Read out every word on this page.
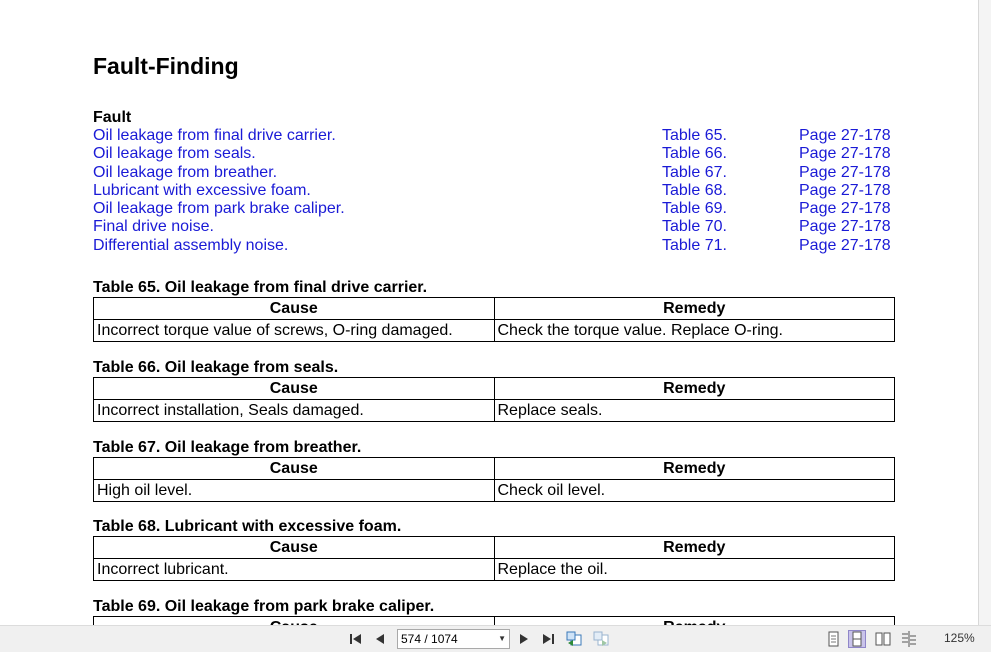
Fault-Finding
Fault
Oil leakage from final drive carrier.	Table 65.	Page 27-178
Oil leakage from seals.	Table 66.	Page 27-178
Oil leakage from breather.	Table 67.	Page 27-178
Lubricant with excessive foam.	Table 68.	Page 27-178
Oil leakage from park brake caliper.	Table 69.	Page 27-178
Final drive noise.	Table 70.	Page 27-178
Differential assembly noise.	Table 71.	Page 27-178
Table 65. Oil leakage from final drive carrier.
Cause	Remedy
Incorrect torque value of screws, O-ring damaged.	Check the torque value. Replace O-ring.
Table 66. Oil leakage from seals.
Cause	Remedy
Incorrect installation, Seals damaged.	Replace seals.
Table 67. Oil leakage from breather.
Cause	Remedy
High oil level.	Check oil level.
Table 68. Lubricant with excessive foam.
Cause	Remedy
Incorrect lubricant.	Replace the oil.
Table 69. Oil leakage from park brake caliper.

574 / 1074	▼	125%
